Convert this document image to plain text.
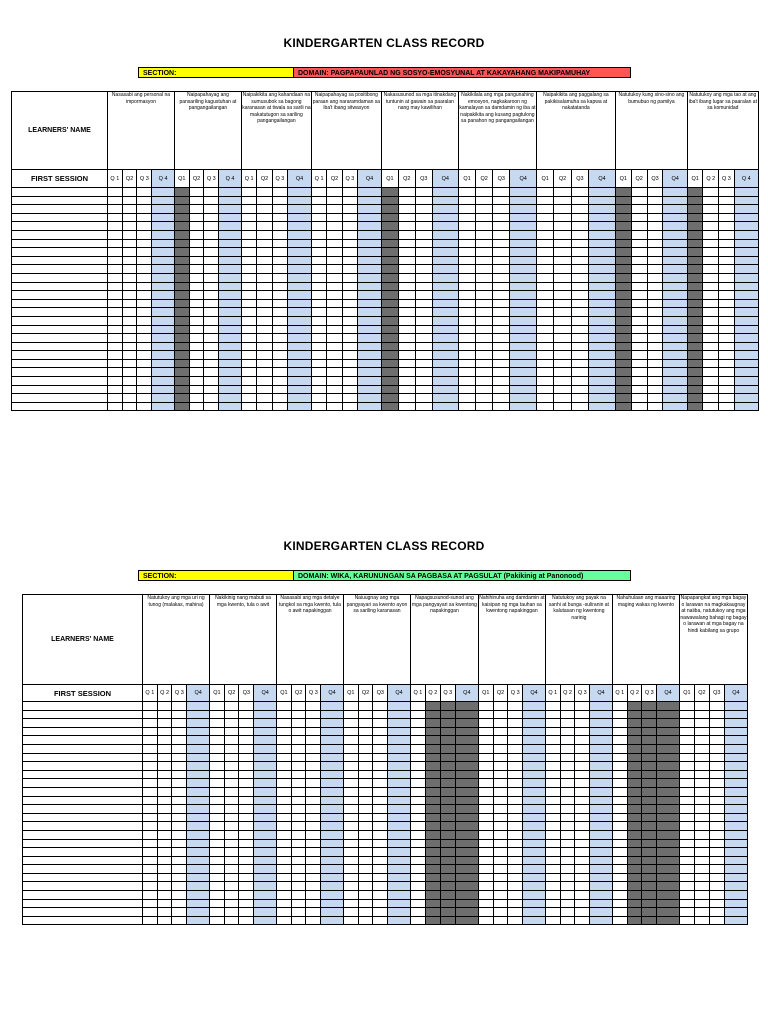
KINDERGARTEN CLASS RECORD
SECTION:	DOMAIN: PAGPAPAUNLAD NG SOSYO-EMOSYUNAL AT KAKAYAHANG MAKIPAMUHAY
LEARNERS' NAME	Nasasabi ang personal na impormasyon				Naipapahayag ang pansariling kagustuhan at pangangailangan				Naipakikita ang kahandaan na sumusubok sa bagong karanasan at tiwala sa sarili na makatutugon sa sariling pangangailangan				Naipapahayag sa positibong paraan ang nararamdaman sa iba't ibang sitwasyon				Nakasusunod sa mga itinakdang tuntunin at gawain sa paaralan nang may kawilihan				Nakikilala ang mga pangunahing emosyon, nagkakaroon ng kamalayan sa damdamin ng iba at naipakikita ang kusang pagtulong sa panahon ng pangangailangan				Naipakikita ang paggalang sa pakikisalamuha sa kapwa at nakatatanda				Natutukoy kung sino-sino ang bumubuo ng pamilya				Natutukoy ang mga tao at ang iba't ibang lugar sa paaralan at sa komunidad			
FIRST SESSION	Q 1	Q2	Q 3	Q 4	Q1	Q2	Q 3	Q 4	Q 1	Q2	Q 3	Q4	Q 1	Q2	Q 3	Q4	Q1	Q2	Q3	Q4	Q1	Q2	Q3	Q4	Q1	Q2	Q3	Q4	Q1	Q2	Q3	Q4	Q1	Q 2	Q 3	Q 4

KINDERGARTEN CLASS RECORD
SECTION:	DOMAIN: WIKA, KARUNUNGAN SA PAGBASA AT PAGSULAT (Pakikinig at Panonood)
LEARNERS' NAME	Natutukoy ang mga uri ng tunog (malakas, mahina)				Nakikinig nang mabuti sa mga kwento, tula o awit				Nasasabi ang mga detalye tungkol sa mga kwento, tula o awit napakinggan				Naiuugnay ang mga pangyayari sa kwento ayon sa sariling karanasan				Napagsusunod-sunod ang mga pangyayari sa kwentong napakinggan				Nahihinuha ang damdamin at kaisipan ng mga tauhan sa kwentong napakinggan				Natutukoy ang payak na sanhi at bunga -suliranin at kalutasan ng kwentong narinig				Nahuhulaan ang maaaring maging wakas ng kwento				Napapangkat ang mga bagay o larawan na magkakaugnay at naiiba, natutukoy ang mga nawawalang bahagi ng bagay o larawan at mga bagay na hindi kabilang sa grupo			
FIRST SESSION	Q 1	Q 2	Q 3	Q4	Q1	Q2	Q3	Q4	Q1	Q2	Q 3	Q4	Q1	Q2	Q3	Q4	Q 1	Q 2	Q 3	Q4	Q1	Q2	Q 3	Q4	Q 1	Q 2	Q 3	Q4	Q 1	Q 2	Q 3	Q4	Q1	Q2	Q3	Q4
